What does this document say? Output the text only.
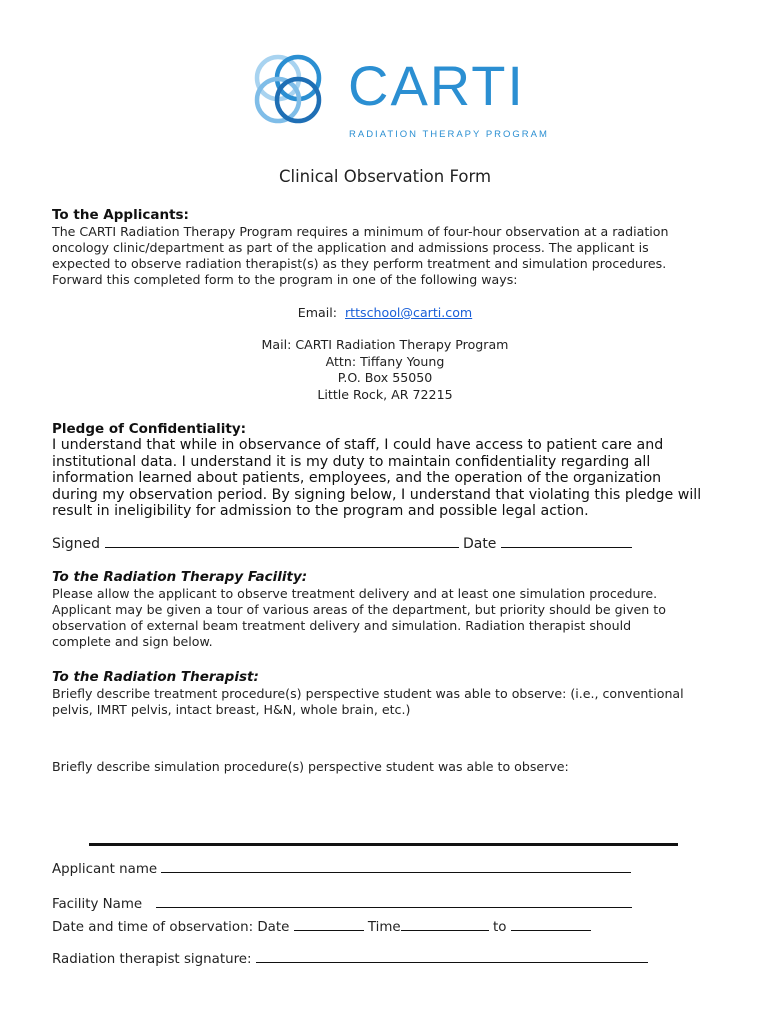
CARTI
RADIATION THERAPY PROGRAM
Clinical Observation Form
To the Applicants:
The CARTI Radiation Therapy Program requires a minimum of four-hour observation at a radiation
oncology clinic/department as part of the application and admissions process. The applicant is
expected to observe radiation therapist(s) as they perform treatment and simulation procedures.
Forward this completed form to the program in one of the following ways:
Email: rttschool@carti.com
Mail: CARTI Radiation Therapy Program
Attn: Tiffany Young
P.O. Box 55050
Little Rock, AR 72215
Pledge of Confidentiality:
I understand that while in observance of staff, I could have access to patient care and
institutional data. I understand it is my duty to maintain confidentiality regarding all
information learned about patients, employees, and the operation of the organization
during my observation period. By signing below, I understand that violating this pledge will
result in ineligibility for admission to the program and possible legal action.
Signed	Date
To the Radiation Therapy Facility:
Please allow the applicant to observe treatment delivery and at least one simulation procedure.
Applicant may be given a tour of various areas of the department, but priority should be given to
observation of external beam treatment delivery and simulation. Radiation therapist should
complete and sign below.
To the Radiation Therapist:
Briefly describe treatment procedure(s) perspective student was able to observe: (i.e., conventional
pelvis, IMRT pelvis, intact breast, H&N, whole brain, etc.)
Briefly describe simulation procedure(s) perspective student was able to observe:
Applicant name
Facility Name
Date and time of observation: Date	Time	to
Radiation therapist signature:
